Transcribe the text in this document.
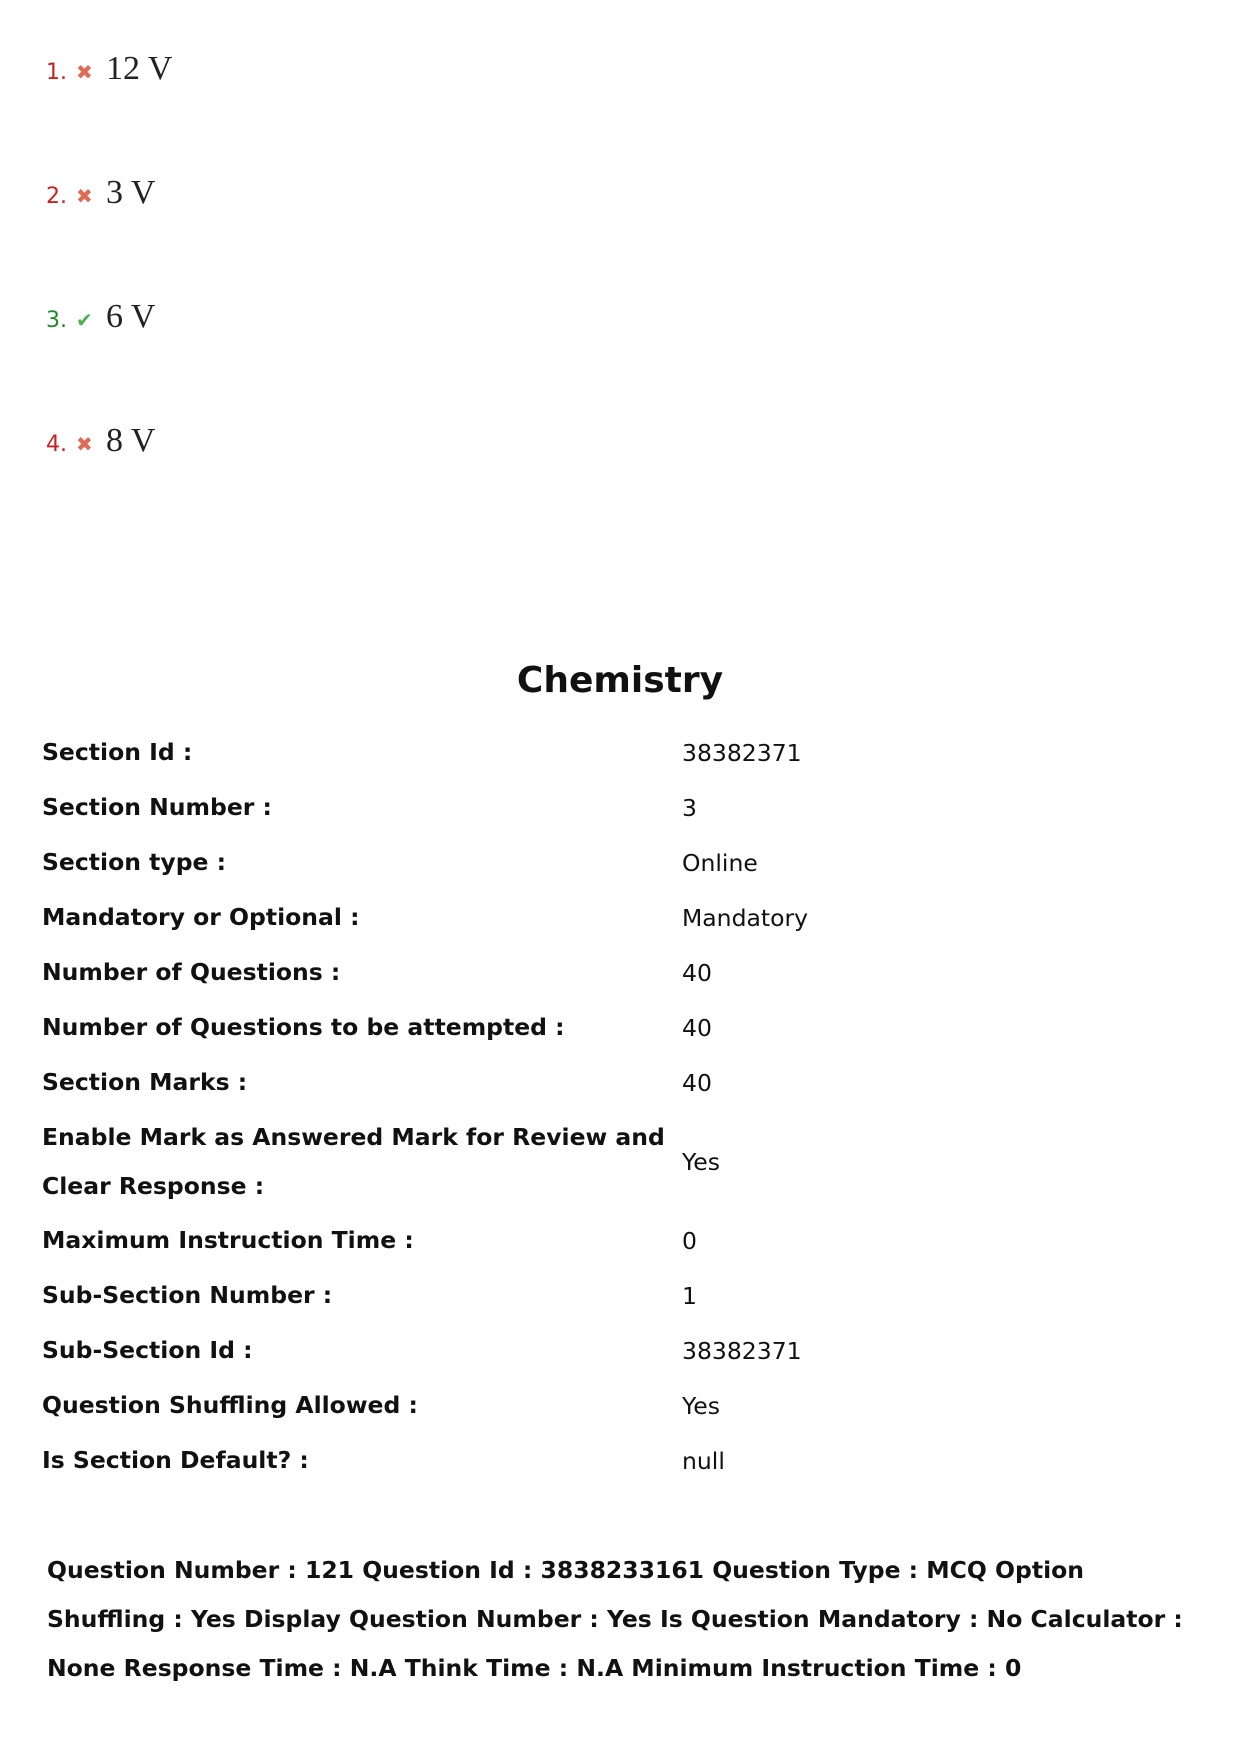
1. ✖ 12 V
2. ✖ 3 V
3. ✔ 6 V
4. ✖ 8 V
Chemistry
Section Id :	38382371
Section Number :	3
Section type :	Online
Mandatory or Optional :	Mandatory
Number of Questions :	40
Number of Questions to be attempted :	40
Section Marks :	40
Enable Mark as Answered Mark for Review and Clear Response :
Yes
Maximum Instruction Time :	0
Sub-Section Number :	1
Sub-Section Id :	38382371
Question Shuffling Allowed :	Yes
Is Section Default? :	null
Question Number : 121 Question Id : 3838233161 Question Type : MCQ Option Shuffling : Yes Display Question Number : Yes Is Question Mandatory : No Calculator : None Response Time : N.A Think Time : N.A Minimum Instruction Time : 0
